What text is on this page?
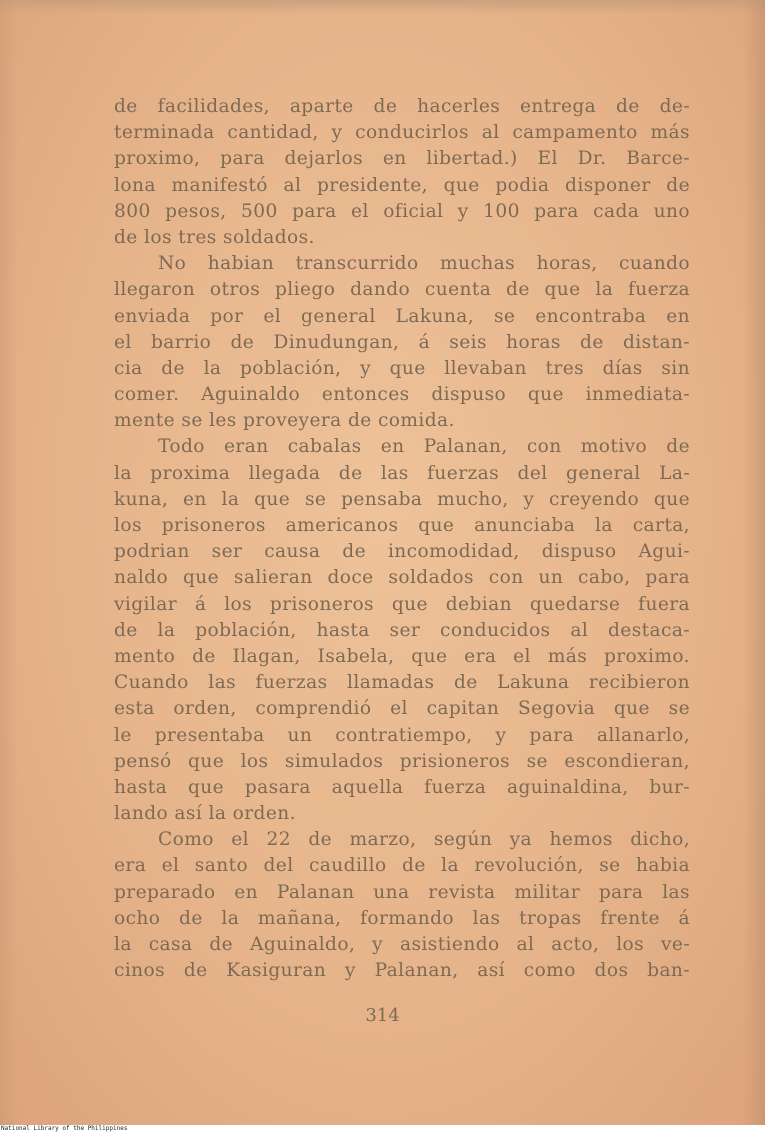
de facilidades, aparte de hacerles entrega de de-
terminada cantidad, y conducirlos al campamento más
proximo, para dejarlos en libertad.) El Dr. Barce-
lona manifestó al presidente, que podia disponer de
800 pesos, 500 para el oficial y 100 para cada uno
de los tres soldados.
No habian transcurrido muchas horas, cuando
llegaron otros pliego dando cuenta de que la fuerza
enviada por el general Lakuna, se encontraba en
el barrio de Dinudungan, á seis horas de distan-
cia de la población, y que llevaban tres días sin
comer. Aguinaldo entonces dispuso que inmediata-
mente se les proveyera de comida.
Todo eran cabalas en Palanan, con motivo de
la proxima llegada de las fuerzas del general La-
kuna, en la que se pensaba mucho, y creyendo que
los prisoneros americanos que anunciaba la carta,
podrian ser causa de incomodidad, dispuso Agui-
naldo que salieran doce soldados con un cabo, para
vigilar á los prisoneros que debian quedarse fuera
de la población, hasta ser conducidos al destaca-
mento de Ilagan, Isabela, que era el más proximo.
Cuando las fuerzas llamadas de Lakuna recibieron
esta orden, comprendió el capitan Segovia que se
le presentaba un contratiempo, y para allanarlo,
pensó que los simulados prisioneros se escondieran,
hasta que pasara aquella fuerza aguinaldina, bur-
lando así la orden.
Como el 22 de marzo, según ya hemos dicho,
era el santo del caudillo de la revolución, se habia
preparado en Palanan una revista militar para las
ocho de la mañana, formando las tropas frente á
la casa de Aguinaldo, y asistiendo al acto, los ve-
cinos de Kasiguran y Palanan, así como dos ban-
314
National Library of the Philippines
